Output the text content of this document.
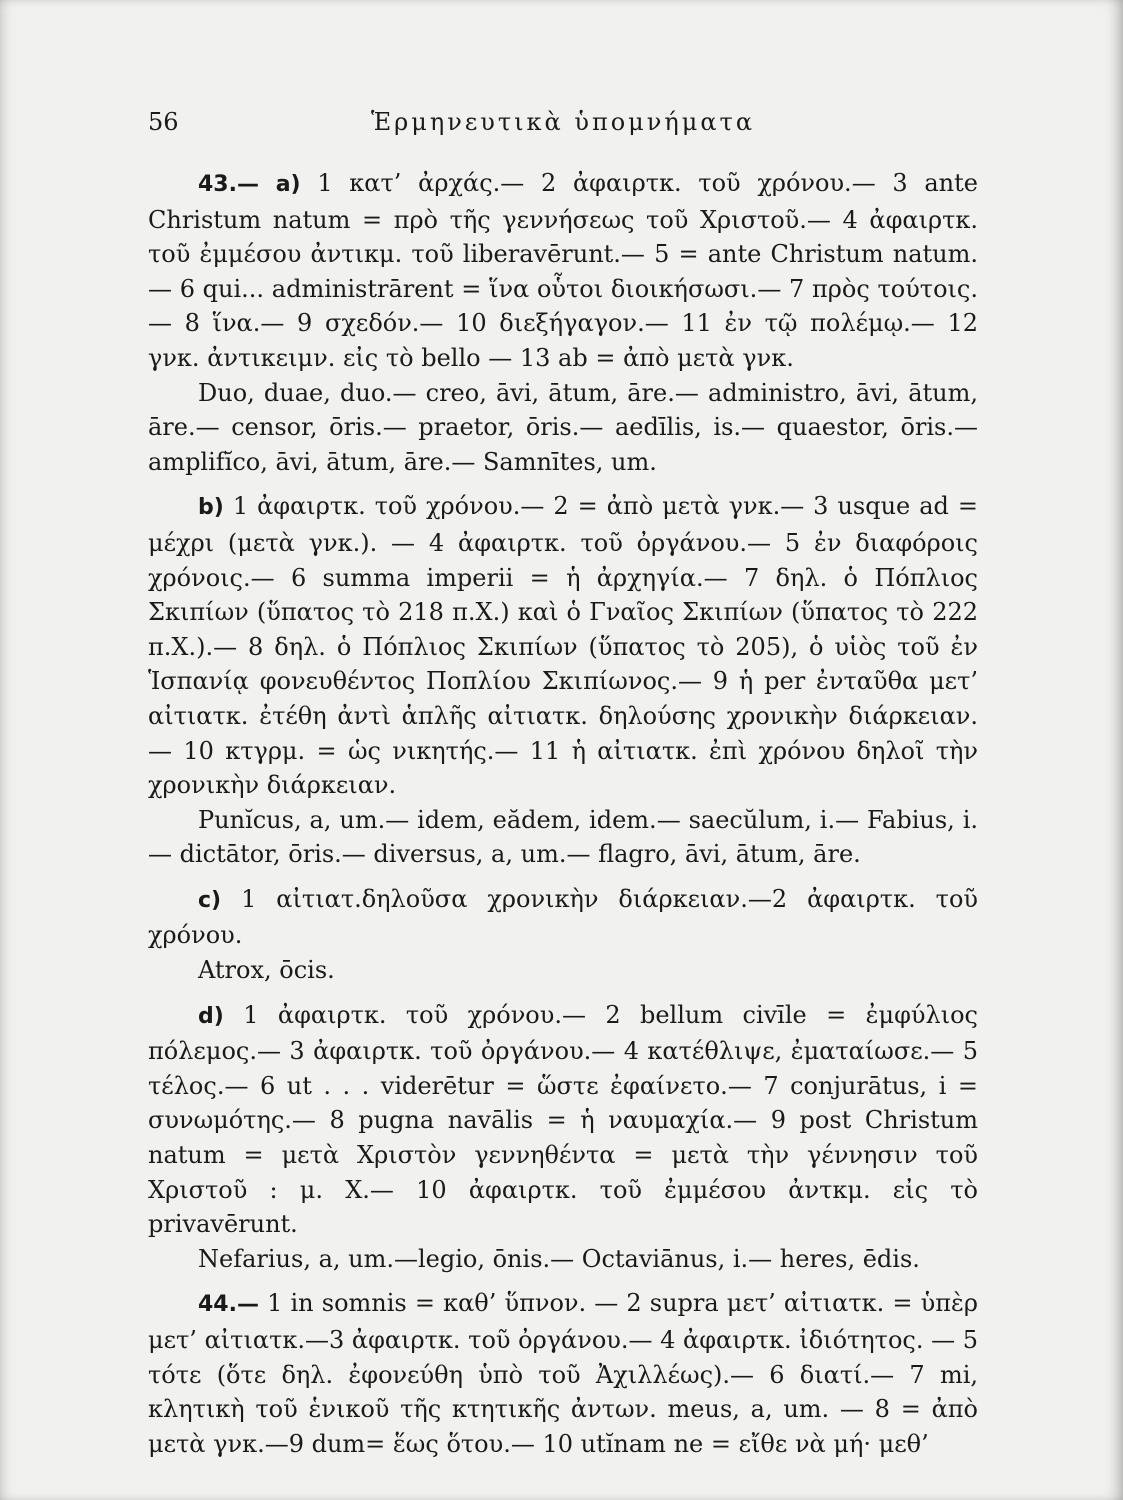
56	Ἑρμηνευτικὰ ὑπομνήματα

43.— a) 1 κατ’ ἀρχάς.— 2 ἀφαιρτκ. τοῦ χρόνου.— 3 ante Christum natum = πρὸ τῆς γεννήσεως τοῦ Χριστοῦ.— 4 ἀφαιρτκ. τοῦ ἐμμέσου ἀντικμ. τοῦ liberavērunt.— 5 = ante Christum natum.— 6 qui... administrārent = ἵνα οὗτοι διοικήσωσι.— 7 πρὸς τούτοις. — 8 ἵνα.— 9 σχεδόν.— 10 διεξήγαγον.— 11 ἐν τῷ πολέμῳ.— 12 γνκ. ἀντικειμν. εἰς τὸ bello — 13 ab = ἀπὸ μετὰ γνκ.

Duo, duae, duo.— creo, āvi, ātum, āre.— administro, āvi, ātum, āre.— censor, ōris.— praetor, ōris.— aedīlis, is.— quaestor, ōris.— amplifĭco, āvi, ātum, āre.— Samnītes, um.

b) 1 ἀφαιρτκ. τοῦ χρόνου.— 2 = ἀπὸ μετὰ γνκ.— 3 usque ad = μέχρι (μετὰ γνκ.). — 4 ἀφαιρτκ. τοῦ ὀργάνου.— 5 ἐν διαφόροις χρόνοις.— 6 summa imperii = ἡ ἀρχηγία.— 7 δηλ. ὁ Πόπλιος Σκιπίων (ὕπατος τὸ 218 π.Χ.) καὶ ὁ Γναῖος Σκιπίων (ὕπατος τὸ 222 π.Χ.).— 8 δηλ. ὁ Πόπλιος Σκιπίων (ὕπατος τὸ 205), ὁ υἱὸς τοῦ ἐν Ἱσπανίᾳ φονευθέντος Ποπλίου Σκιπίωνος.— 9 ἡ per ἐνταῦθα μετ’ αἰτιατκ. ἐτέθη ἀντὶ ἁπλῆς αἰτιατκ. δηλούσης χρονικὴν διάρκειαν.— 10 κτγρμ. = ὡς νικητής.— 11 ἡ αἰτιατκ. ἐπὶ χρόνου δηλοῖ τὴν χρονικὴν διάρκειαν.

Punĭcus, a, um.— idem, eădem, idem.— saecŭlum, i.— Fabius, i.— dictātor, ōris.— diversus, a, um.— flagro, āvi, ātum, āre.

c) 1 αἰτιατ.δηλοῦσα χρονικὴν διάρκειαν.—2 ἀφαιρτκ. τοῦ χρόνου.

Atrox, ōcis.

d) 1 ἀφαιρτκ. τοῦ χρόνου.— 2 bellum civīle = ἐμφύλιος πόλεμος.— 3 ἀφαιρτκ. τοῦ ὀργάνου.— 4 κατέθλιψε, ἐματαίωσε.— 5 τέλος.— 6 ut . . . viderētur = ὥστε ἐφαίνετο.— 7 conjurātus, i = συνωμότης.— 8 pugna navālis = ἡ ναυμαχία.— 9 post Christum natum = μετὰ Χριστὸν γεννηθέντα = μετὰ τὴν γέννησιν τοῦ Χριστοῦ : μ. Χ.— 10 ἀφαιρτκ. τοῦ ἐμμέσου ἀντκμ. εἰς τὸ privavērunt.

Nefarius, a, um.—legio, ōnis.— Octaviānus, i.— heres, ēdis.

44.— 1 in somnis = καθ’ ὕπνον. — 2 supra μετ’ αἰτιατκ. = ὑπὲρ μετ’ αἰτιατκ.—3 ἀφαιρτκ. τοῦ ὀργάνου.— 4 ἀφαιρτκ. ἰδιότητος. — 5 τότε (ὅτε δηλ. ἐφονεύθη ὑπὸ τοῦ Ἀχιλλέως).— 6 διατί.— 7 mi, κλητικὴ τοῦ ἑνικοῦ τῆς κτητικῆς ἀντων. meus, a, um. — 8 = ἀπὸ μετὰ γνκ.—9 dum= ἕως ὅτου.— 10 utĭnam ne = εἴθε νὰ μή· μεθ’
